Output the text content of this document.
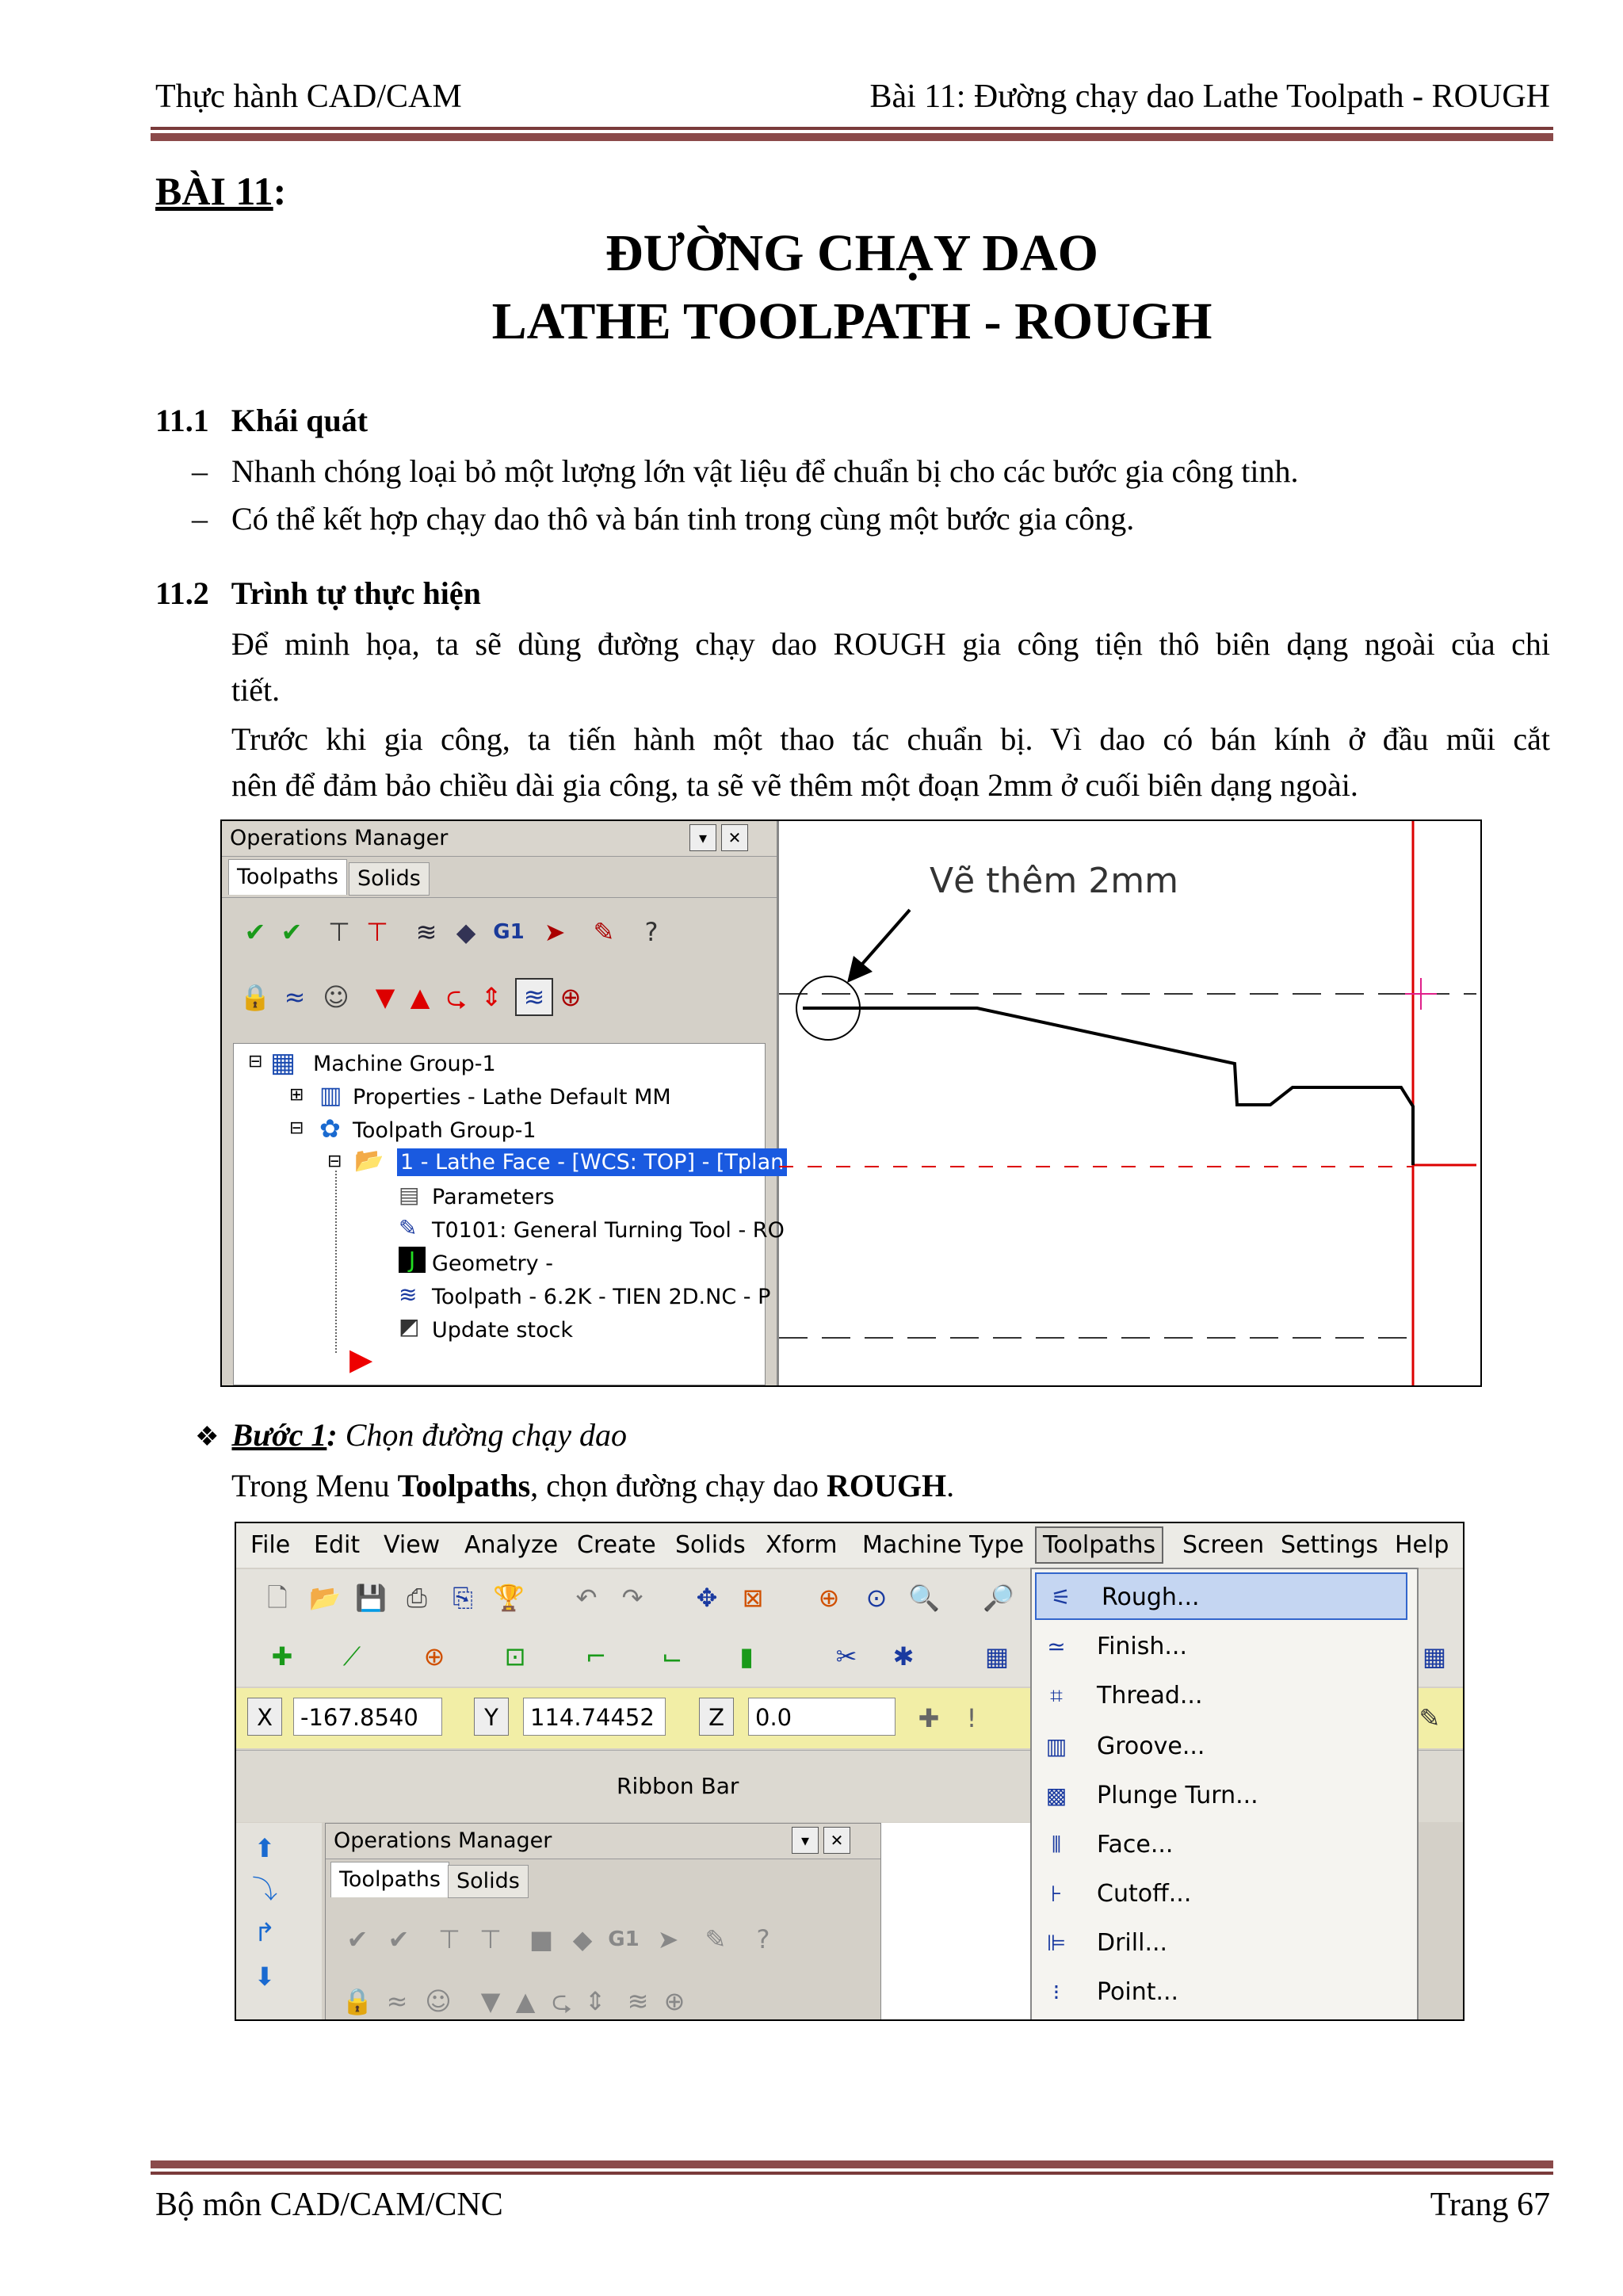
Thực hành CAD/CAM	Bài 11: Đường chạy dao Lathe Toolpath - ROUGH
BÀI 11:
ĐƯỜNG CHẠY DAO
LATHE TOOLPATH - ROUGH
11.1 Khái quát
– Nhanh chóng loại bỏ một lượng lớn vật liệu để chuẩn bị cho các bước gia công tinh.
– Có thể kết hợp chạy dao thô và bán tinh trong cùng một bước gia công.
11.2 Trình tự thực hiện
Để minh họa, ta sẽ dùng đường chạy dao ROUGH gia công tiện thô biên dạng ngoài của chi
tiết.
Trước khi gia công, ta tiến hành một thao tác chuẩn bị. Vì dao có bán kính ở đầu mũi cắt
nên để đảm bảo chiều dài gia công, ta sẽ vẽ thêm một đoạn 2mm ở cuối biên dạng ngoài.
Operations Manager	▾	✕
Toolpaths Solids
✔ ✔ ⊤ ⊤ ≋ ◆ G1 ➤ ✎	?
🔒 ≈ ☺	▼ ▲ ⮎ ⇕ ≋ ⊕
⊟ ▦ Machine Group-1
⊞ ▥ Properties - Lathe Default MM
⊟ ✿ Toolpath Group-1
⊟ 📂 1 - Lathe Face - [WCS: TOP] - [Tplan
▤ Parameters
✎ T0101: General Turning Tool - RO
J Geometry -
≋ Toolpath - 6.2K - TIEN 2D.NC - P
◩ Update stock
▶
Vẽ thêm 2mm
❖ Bước 1: Chọn đường chạy dao
Trong Menu Toolpaths, chọn đường chạy dao ROUGH.
File Edit View Analyze Create Solids Xform Machine Type Toolpaths	Screen Settings Help
🗋 📂 💾 ⎙ ⎘ 🏆 ↶ ↷ ✥ ⊠ ⊕ ⊙ 🔍 🔎
✚	⟋	⊕ ⊡ ⌐ ⌙	▮	✂ ✱	▦	▦
X	-167.8540	Y	114.74452	Z	0.0	✚	!	✎
Ribbon Bar
⬆
⤵
↱
⬇
Operations Manager	▾	✕
Toolpaths Solids
✔ ✔ ⊤ ⊤ ■ ◆ G1 ➤ ✎	?
🔒 ≈ ☺	▼ ▲ ⮎ ⇕ ≋ ⊕
⚟ Rough...
≃ Finish...
⌗	Thread...
▥ Groove...
▩ Plunge Turn...
⫴	Face...
⊦	Cutoff...
⊫ Drill...
⁝	Point...
Bộ môn CAD/CAM/CNC	Trang 67
